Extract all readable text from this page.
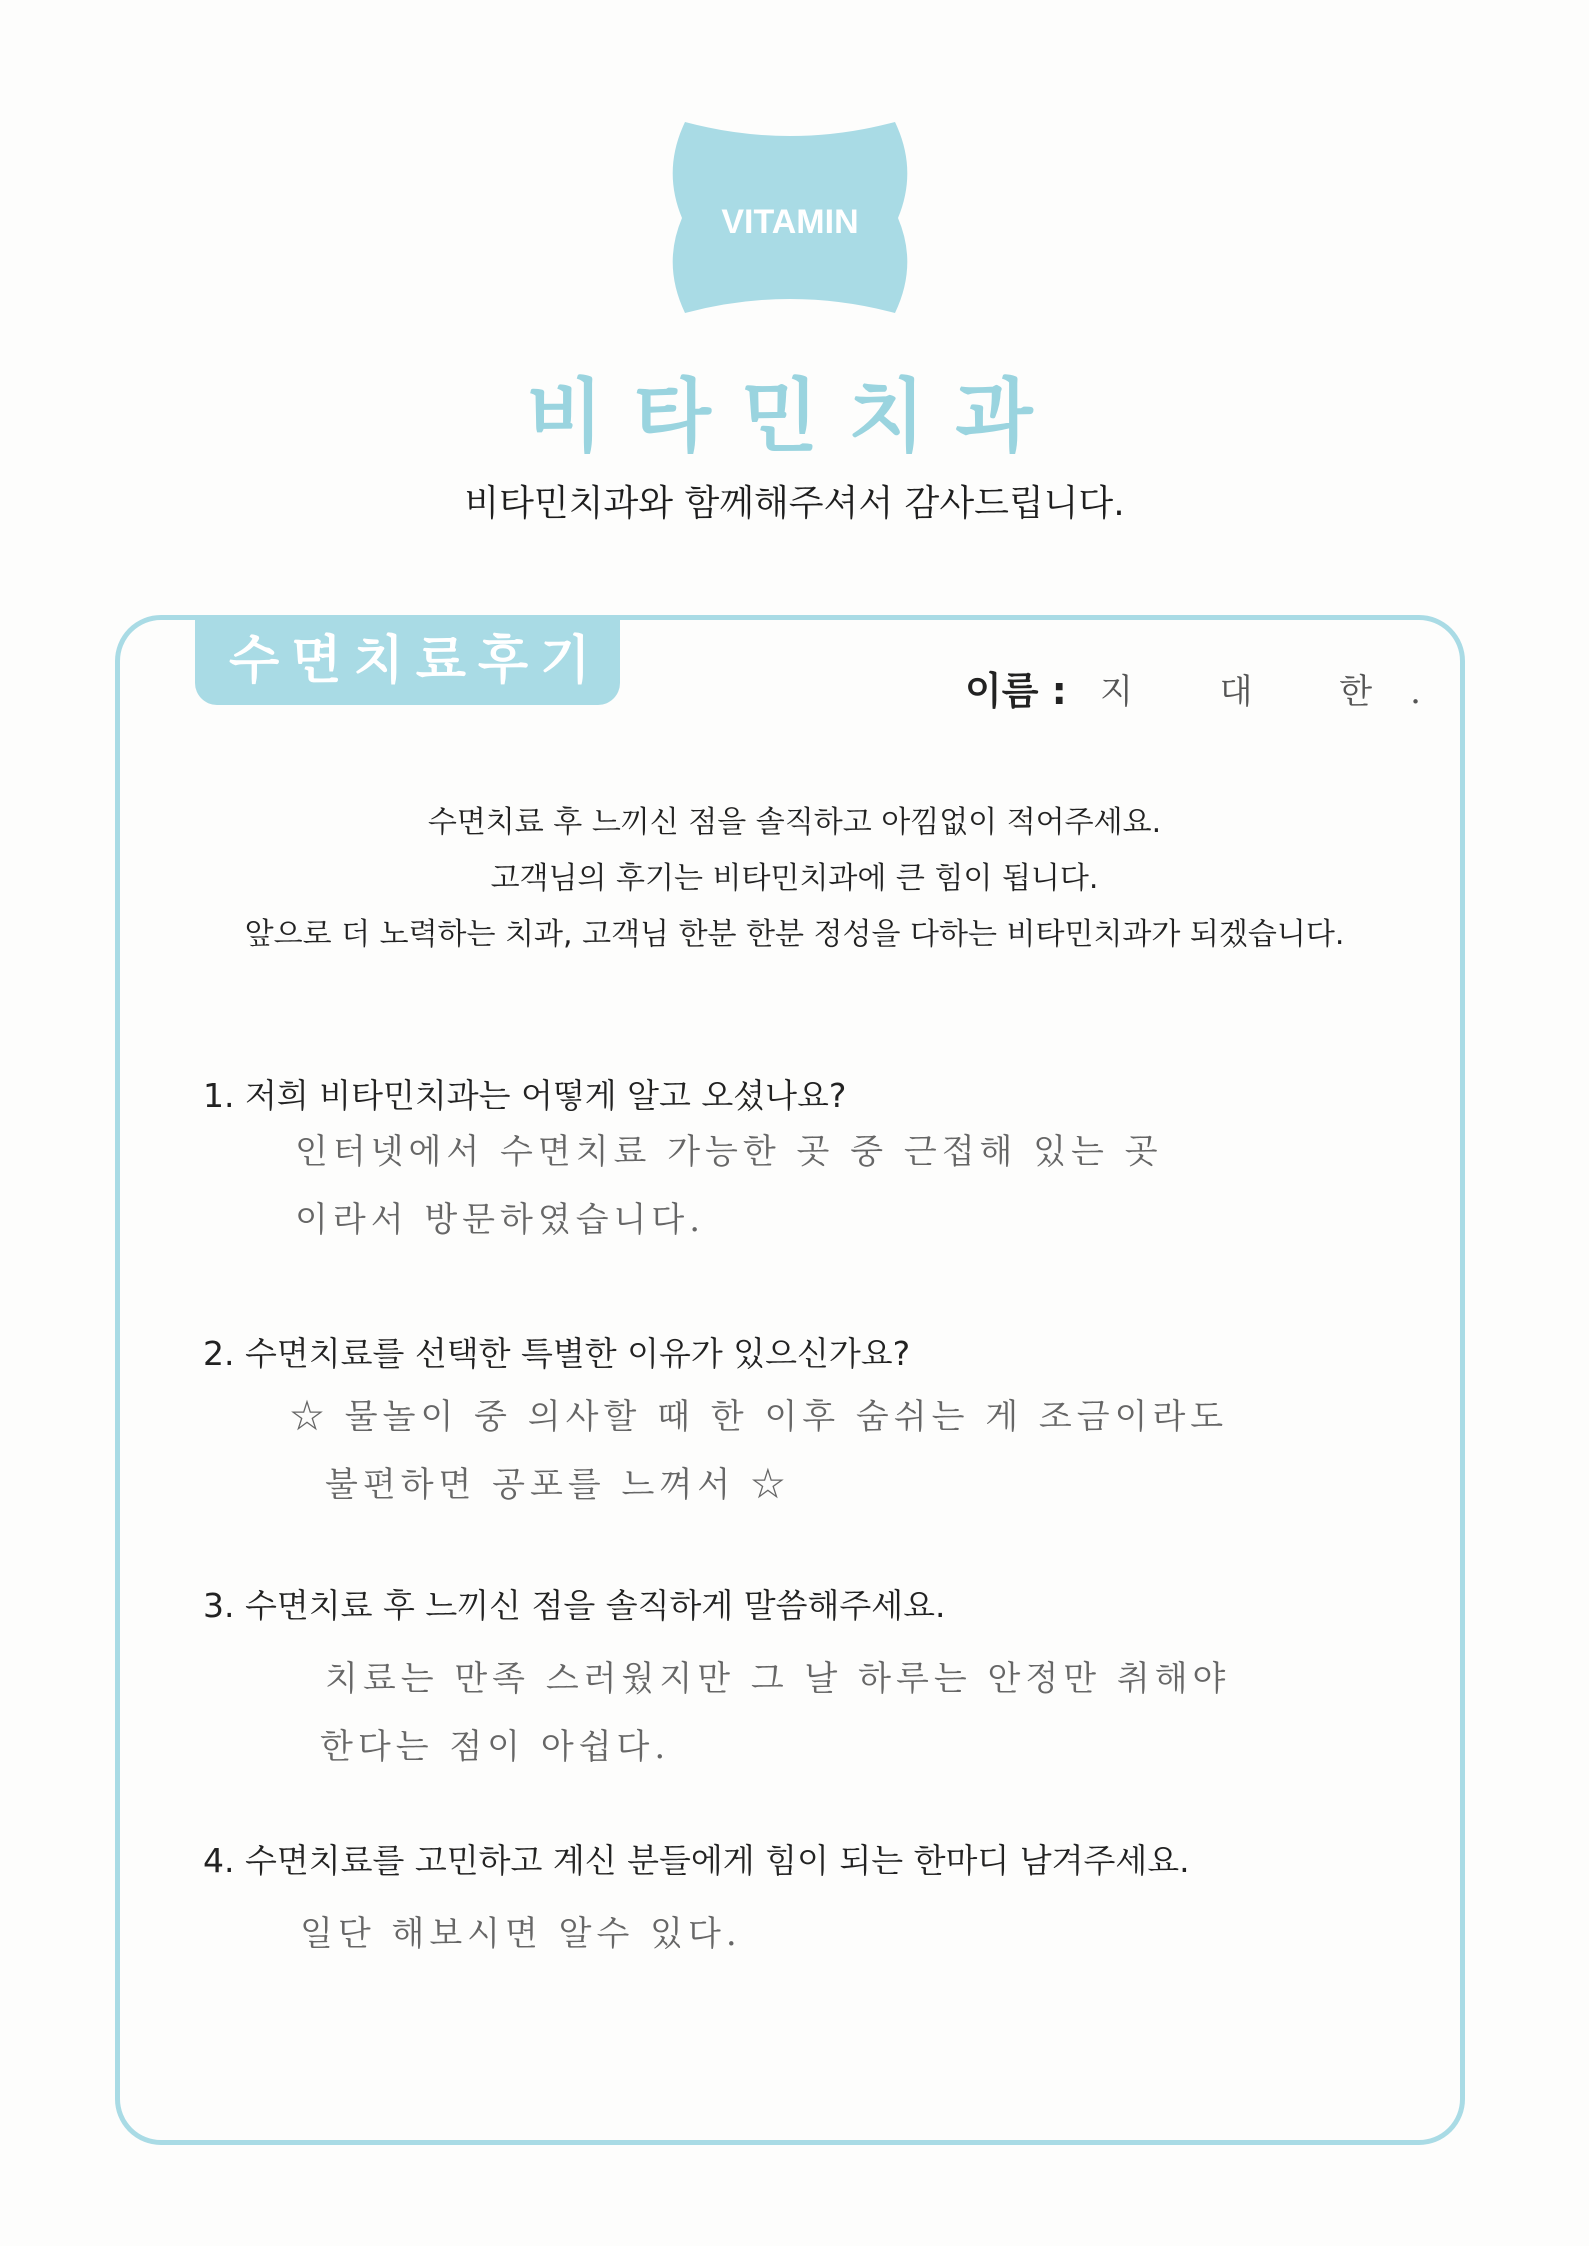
VITAMIN
비타민치과
비타민치과와 함께해주셔서 감사드립니다.
수면치료후기	이름 : 지 대 한.
수면치료 후 느끼신 점을 솔직하고 아낌없이 적어주세요.
고객님의 후기는 비타민치과에 큰 힘이 됩니다.
앞으로 더 노력하는 치과, 고객님 한분 한분 정성을 다하는 비타민치과가 되겠습니다.
1. 저희 비타민치과는 어떻게 알고 오셨나요?
인터넷에서 수면치료 가능한 곳 중 근접해 있는 곳
이라서 방문하였습니다.
2. 수면치료를 선택한 특별한 이유가 있으신가요?
☆ 물놀이 중 의사할 때 한 이후 숨쉬는 게 조금이라도
불편하면 공포를 느껴서 ☆
3. 수면치료 후 느끼신 점을 솔직하게 말씀해주세요.
치료는 만족 스러웠지만 그 날 하루는 안정만 취해야
한다는 점이 아쉽다.
4. 수면치료를 고민하고 계신 분들에게 힘이 되는 한마디 남겨주세요.
일단 해보시면 알수 있다.
